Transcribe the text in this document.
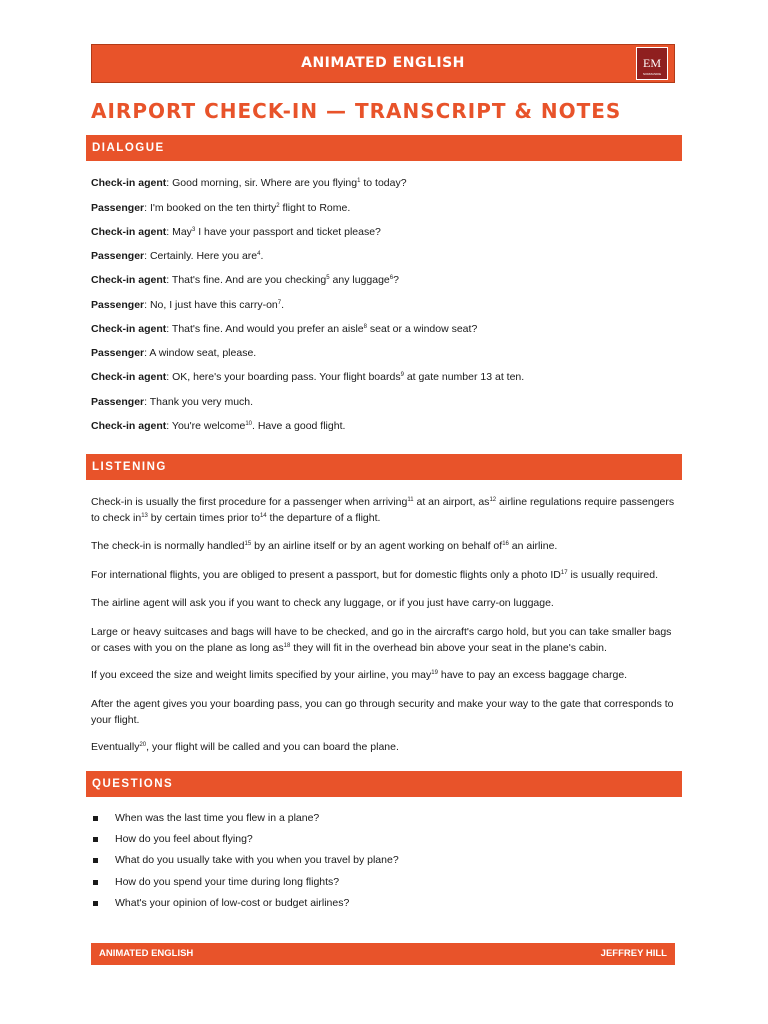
ANIMATED ENGLISH	EM
NORMANDIE
AIRPORT CHECK-IN — TRANSCRIPT & NOTES
DIALOGUE
Check-in agent: Good morning, sir. Where are you flying$^1$ to today?
Passenger: I'm booked on the ten thirty$^2$ flight to Rome.
Check-in agent: May$^3$ I have your passport and ticket please?
Passenger: Certainly. Here you are$^4$.
Check-in agent: That's fine. And are you checking$^5$ any luggage$^6$?
Passenger: No, I just have this carry-$on^7$.
Check-in agent: That's fine. And would you prefer an aisle$^8$ seat or a window seat?
Passenger: A window seat, please.
Check-in agent: OK, here's your boarding pass. Your flight boards$^9$ at gate number 13 at ten.
Passenger: Thank you very much.
Check-in agent: You're welcome$^{10}$. Have a good flight.
LISTENING
Check-in is usually the first procedure for a passenger when arriving$^{11}$ at an airport, $as^{12}$ airline regulations require passengers to check $in^{13}$ by certain times prior $to^{14}$ the departure of a flight.
The check-in is normally handled$^{15}$ by an airline itself or by an agent working on behalf $of^{16}$ an airline.
For international flights, you are obliged to present a passport, but for domestic flights only a photo ID$^{17}$ is usually required.
The airline agent will ask you if you want to check any luggage, or if you just have carry-on luggage.
Large or heavy suitcases and bags will have to be checked, and go in the aircraft's cargo hold, but you can take smaller bags or cases with you on the plane as long $as^{18}$ they will fit in the overhead bin above your seat in the plane's cabin.
If you exceed the size and weight limits specified by your airline, you may$^{19}$ have to pay an excess baggage charge.
After the agent gives you your boarding pass, you can go through security and make your way to the gate that corresponds to your flight.
Eventually$^{20}$, your flight will be called and you can board the plane.
QUESTIONS
When was the last time you flew in a plane?
How do you feel about flying?
What do you usually take with you when you travel by plane?
How do you spend your time during long flights?
What's your opinion of low-cost or budget airlines?
ANIMATED ENGLISH	JEFFREY HILL
